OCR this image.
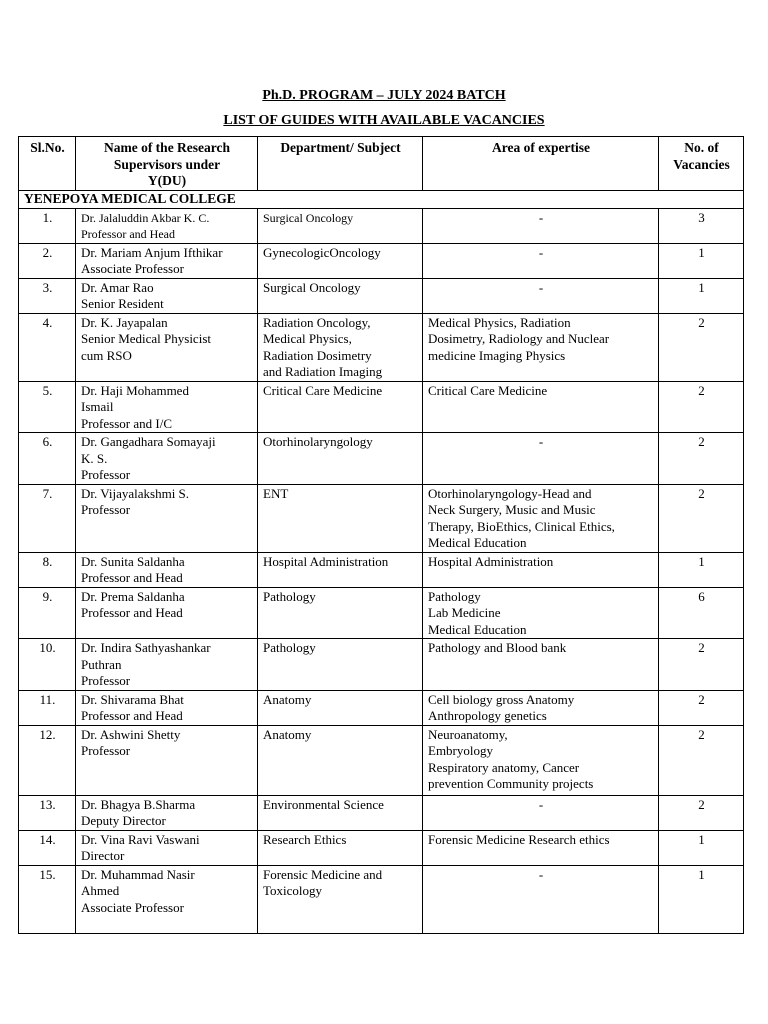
Ph.D. PROGRAM – JULY 2024 BATCH
LIST OF GUIDES WITH AVAILABLE VACANCIES
Sl.No.	Name of the Research
Supervisors under
Y(DU)	Department/ Subject	Area of expertise	No. of
Vacancies

YENEPOYA MEDICAL COLLEGE				
1.	Dr. Jalaluddin Akbar K. C.
Professor and Head	Surgical Oncology	-	3
2.	Dr. Mariam Anjum Ifthikar
Associate Professor	GynecologicOncology	-	1
3.	Dr. Amar Rao
Senior Resident	Surgical Oncology	-	1
4.	Dr. K. Jayapalan
Senior Medical Physicist
cum RSO	Radiation Oncology,
Medical Physics,
Radiation Dosimetry
and Radiation Imaging	Medical Physics, Radiation
Dosimetry, Radiology and Nuclear
medicine Imaging Physics	2
5.	Dr. Haji Mohammed
Ismail
Professor and I/C	Critical Care Medicine	Critical Care Medicine	2
6.	Dr. Gangadhara Somayaji
K. S.
Professor	Otorhinolaryngology	-	2
7.	Dr. Vijayalakshmi S.
Professor	ENT	Otorhinolaryngology-Head and
Neck Surgery, Music and Music
Therapy, BioEthics, Clinical Ethics,
Medical Education	2
8.	Dr. Sunita Saldanha
Professor and Head	Hospital Administration	Hospital Administration	1
9.	Dr. Prema Saldanha
Professor and Head	Pathology	Pathology
Lab Medicine
Medical Education	6
10.	Dr. Indira Sathyashankar
Puthran
Professor	Pathology	Pathology and Blood bank	2
11.	Dr. Shivarama Bhat
Professor and Head	Anatomy	Cell biology gross Anatomy
Anthropology genetics	2
12.	Dr. Ashwini Shetty
Professor	Anatomy	Neuroanatomy,
Embryology
Respiratory anatomy, Cancer
prevention Community projects	2
13.	Dr. Bhagya B.Sharma
Deputy Director	Environmental Science	-	2
14.	Dr. Vina Ravi Vaswani
Director	Research Ethics	Forensic Medicine Research ethics	1
15.	Dr. Muhammad Nasir
Ahmed
Associate Professor	Forensic Medicine and
Toxicology	-	1
